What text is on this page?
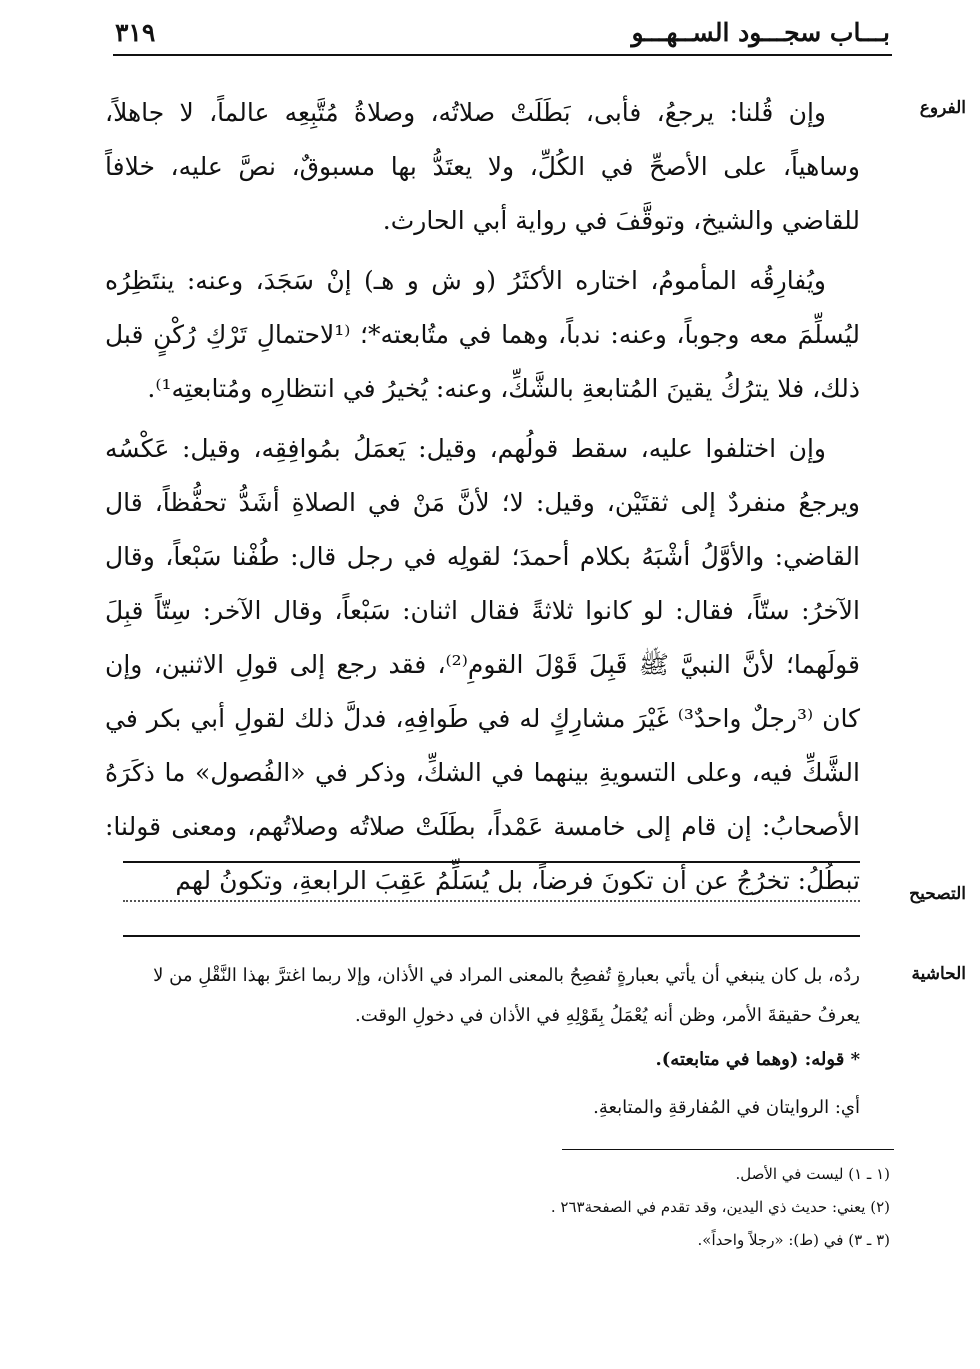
بـــاب سجـــود الســهـــو
٣١٩
الفروع
التصحيح
الحاشية

وإن قُلنا: يرجعُ، فأبى، بَطَلَتْ صلاتُه، وصلاةُ مُتَّبِعِه عالماً، لا جاهلاً، وساهياً، على الأصحِّ في الكُلِّ، ولا يعتَدُّ بها مسبوقٌ، نصَّ عليه، خلافاً للقاضي والشيخ، وتوقَّفَ في رواية أبي الحارث.

ويُفارِقُه المأمومُ، اختاره الأكثَرُ (و ش و هـ) إنْ سَجَدَ، وعنه: ينتَظِرُه ليُسلِّمَ معه وجوباً، وعنه: ندباً، وهما في متُابعته*؛ ⁽¹لاحتمالِ تَرْكِ رُكْنٍ قبل ذلك، فلا يترُكُ يقينَ المُتابعةِ بالشَّكِّ، وعنه: يُخيرُ في انتظارِه ومُتابعتِه¹⁾.

وإن اختلفوا عليه، سقط قولُهم، وقيل: يَعمَلُ بمُوافِقِه، وقيل: عَكْسُه ويرجعُ منفردٌ إلى ثقتَيْن، وقيل: لا؛ لأنَّ مَنْ في الصلاةِ أشَدُّ تحفُّظاً، قال القاضي: والأوَّلُ أشْبَهُ بكلام أحمدَ؛ لقولِه في رجل قال: طُفْنا سَبْعاً، وقال الآخرُ: ستّاً، فقال: لو كانوا ثلاثةً فقال اثنان: سَبْعاً، وقال الآخر: سِتّاً قبِلَ قولَهما؛ لأنَّ النبيَّ ﷺ قَبِلَ قَوْلَ القومِ⁽²⁾، فقد رجع إلى قولِ الاثنين، وإن كان ⁽³رجلٌ واحدٌ³⁾ غَيْرَ مشارِكٍ له في طَوافِهِ، فدلَّ ذلك لقولِ أبي بكر في الشَّكِّ فيه، وعلى التسويةِ بينهما في الشكِّ، وذكر في «الفُصول» ما ذكَرَهُ الأصحابُ: إن قام إلى خامسة عَمْداً، بطَلَتْ صلاتُه وصلاتُهم، ومعنى قولنا: تبطُلُ: تخرُجُ عن أن تكونَ فرضاً، بل يُسَلِّمُ عَقِبَ الرابعةِ، وتكونُ لهم

ردُه، بل كان ينبغي أن يأتي بعبارةٍ تُفصِحُ بالمعنى المراد في الأذان، وإلا ربما اغترَّ بهذا النَّقْلِ من لا يعرفُ حقيقةَ الأمر، وظن أنه يُعْمَلُ بِقَوْلِهِ في الأذان في دخولِ الوقت.

* قوله: (وهما في متابعته).

أي: الروايتان في المُفارقةِ والمتابعةِ.

(١ ـ ١) ليست في الأصل.

(٢) يعني: حديث ذي اليدين، وقد تقدم في الصفحة٢٦٣ .

(٣ ـ ٣) في (ط): «رجلاً واحداً».
